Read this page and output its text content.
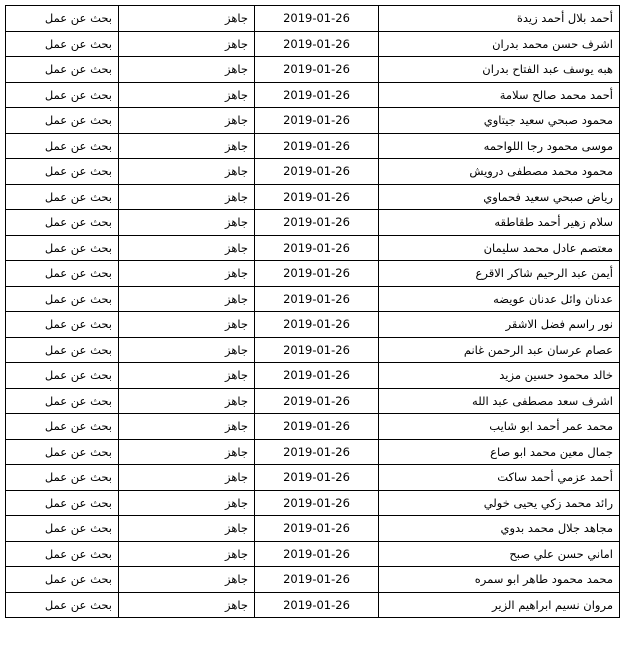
أحمد بلال أحمد زيدة	2019-01-26	جاهز	بحث عن عمل
اشرف حسن محمد بدران	2019-01-26	جاهز	بحث عن عمل
هبه يوسف عبد الفتاح بدران	2019-01-26	جاهز	بحث عن عمل
أحمد محمد صالح سلامة	2019-01-26	جاهز	بحث عن عمل
محمود صبحي سعيد جيتاوي	2019-01-26	جاهز	بحث عن عمل
موسى محمود رجا اللواحمه	2019-01-26	جاهز	بحث عن عمل
محمود محمد مصطفى درويش	2019-01-26	جاهز	بحث عن عمل
رياض صبحي سعيد فحماوي	2019-01-26	جاهز	بحث عن عمل
سلام زهير أحمد طقاطقه	2019-01-26	جاهز	بحث عن عمل
معتصم عادل محمد سليمان	2019-01-26	جاهز	بحث عن عمل
أيمن عبد الرحيم شاكر الاقرع	2019-01-26	جاهز	بحث عن عمل
عدنان وائل عدنان عويضه	2019-01-26	جاهز	بحث عن عمل
نور راسم فضل الاشقر	2019-01-26	جاهز	بحث عن عمل
عصام عرسان عبد الرحمن غانم	2019-01-26	جاهز	بحث عن عمل
خالد محمود حسين مزيد	2019-01-26	جاهز	بحث عن عمل
اشرف سعد مصطفى عبد الله	2019-01-26	جاهز	بحث عن عمل
محمد عمر أحمد ابو شايب	2019-01-26	جاهز	بحث عن عمل
جمال معين محمد ابو صاع	2019-01-26	جاهز	بحث عن عمل
أحمد عزمي أحمد ساكت	2019-01-26	جاهز	بحث عن عمل
رائد محمد زكي يحيى خولي	2019-01-26	جاهز	بحث عن عمل
مجاهد جلال محمد بدوي	2019-01-26	جاهز	بحث عن عمل
اماني حسن علي صبح	2019-01-26	جاهز	بحث عن عمل
محمد محمود طاهر ابو سمره	2019-01-26	جاهز	بحث عن عمل
مروان نسيم ابراهيم الزير	2019-01-26	جاهز	بحث عن عمل
